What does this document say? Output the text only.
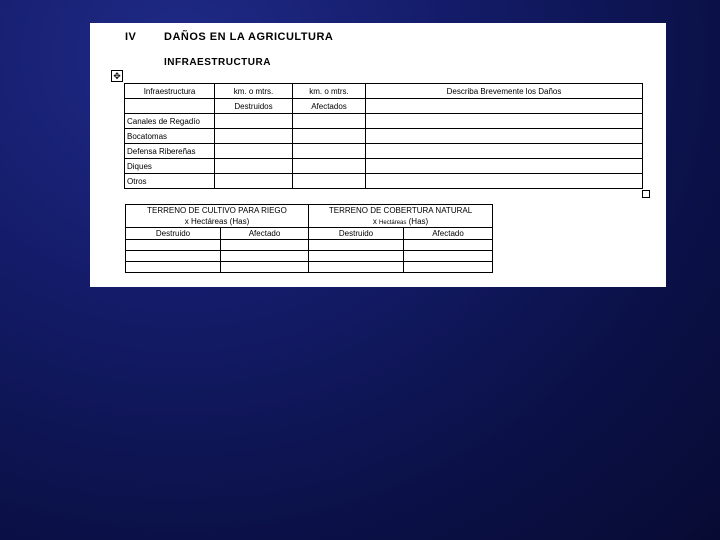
IV	DAÑOS EN LA AGRICULTURA
INFRAESTRUCTURA
✥
Infraestructura	km. o mtrs.	km. o mtrs.	Describa Brevemente los Daños
	Destruidos	Afectados	
Canales de Regadío			
Bocatomas			
Defensa Ribereñas			
Diques			
Otros			
TERRENO DE CULTIVO PARA RIEGO		TERRENO DE COBERTURA NATURAL	
x Hectáreas (Has)		x Hectáreas (Has)	
Destruido	Afectado	Destruido	Afectado
